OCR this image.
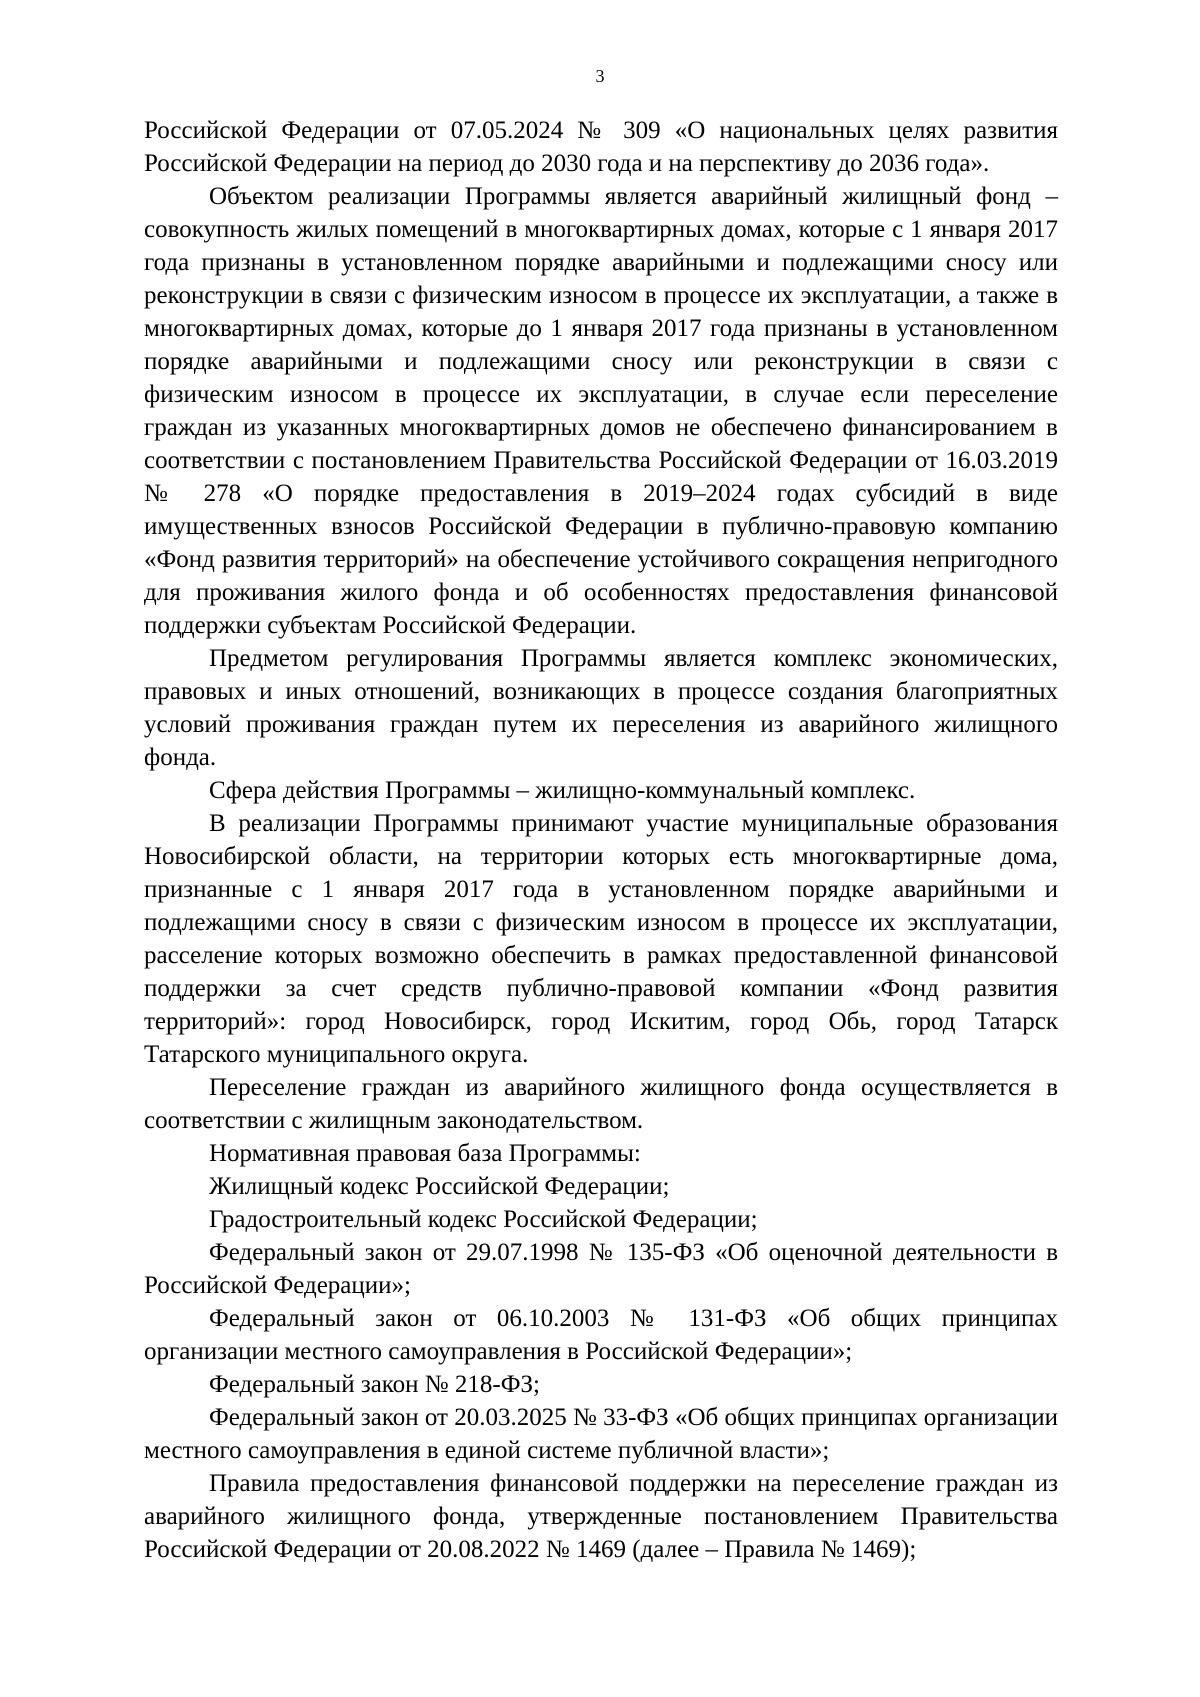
3

Российской Федерации от 07.05.2024 № 309 «О национальных целях развития Российской Федерации на период до 2030 года и на перспективу до 2036 года».

Объектом реализации Программы является аварийный жилищный фонд – совокупность жилых помещений в многоквартирных домах, которые с 1 января 2017 года признаны в установленном порядке аварийными и подлежащими сносу или реконструкции в связи с физическим износом в процессе их эксплуатации, а также в многоквартирных домах, которые до 1 января 2017 года признаны в установленном порядке аварийными и подлежащими сносу или реконструкции в связи с физическим износом в процессе их эксплуатации, в случае если переселение граждан из указанных многоквартирных домов не обеспечено финансированием в соответствии с постановлением Правительства Российской Федерации от 16.03.2019 № 278 «О порядке предоставления в 2019–2024 годах субсидий в виде имущественных взносов Российской Федерации в публично-правовую компанию «Фонд развития территорий» на обеспечение устойчивого сокращения непригодного для проживания жилого фонда и об особенностях предоставления финансовой поддержки субъектам Российской Федерации.

Предметом регулирования Программы является комплекс экономических, правовых и иных отношений, возникающих в процессе создания благоприятных условий проживания граждан путем их переселения из аварийного жилищного фонда.

Сфера действия Программы – жилищно-коммунальный комплекс.

В реализации Программы принимают участие муниципальные образования Новосибирской области, на территории которых есть многоквартирные дома, признанные с 1 января 2017 года в установленном порядке аварийными и подлежащими сносу в связи с физическим износом в процессе их эксплуатации, расселение которых возможно обеспечить в рамках предоставленной финансовой поддержки за счет средств публично-правовой компании «Фонд развития территорий»: город Новосибирск, город Искитим, город Обь, город Татарск Татарского муниципального округа.

Переселение граждан из аварийного жилищного фонда осуществляется в соответствии с жилищным законодательством.

Нормативная правовая база Программы:

Жилищный кодекс Российской Федерации;

Градостроительный кодекс Российской Федерации;

Федеральный закон от 29.07.1998 № 135-ФЗ «Об оценочной деятельности в Российской Федерации»;

Федеральный закон от 06.10.2003 № 131-ФЗ «Об общих принципах организации местного самоуправления в Российской Федерации»;

Федеральный закон № 218-ФЗ;

Федеральный закон от 20.03.2025 № 33-ФЗ «Об общих принципах организации местного самоуправления в единой системе публичной власти»;

Правила предоставления финансовой поддержки на переселение граждан из аварийного жилищного фонда, утвержденные постановлением Правительства Российской Федерации от 20.08.2022 № 1469 (далее – Правила № 1469);
